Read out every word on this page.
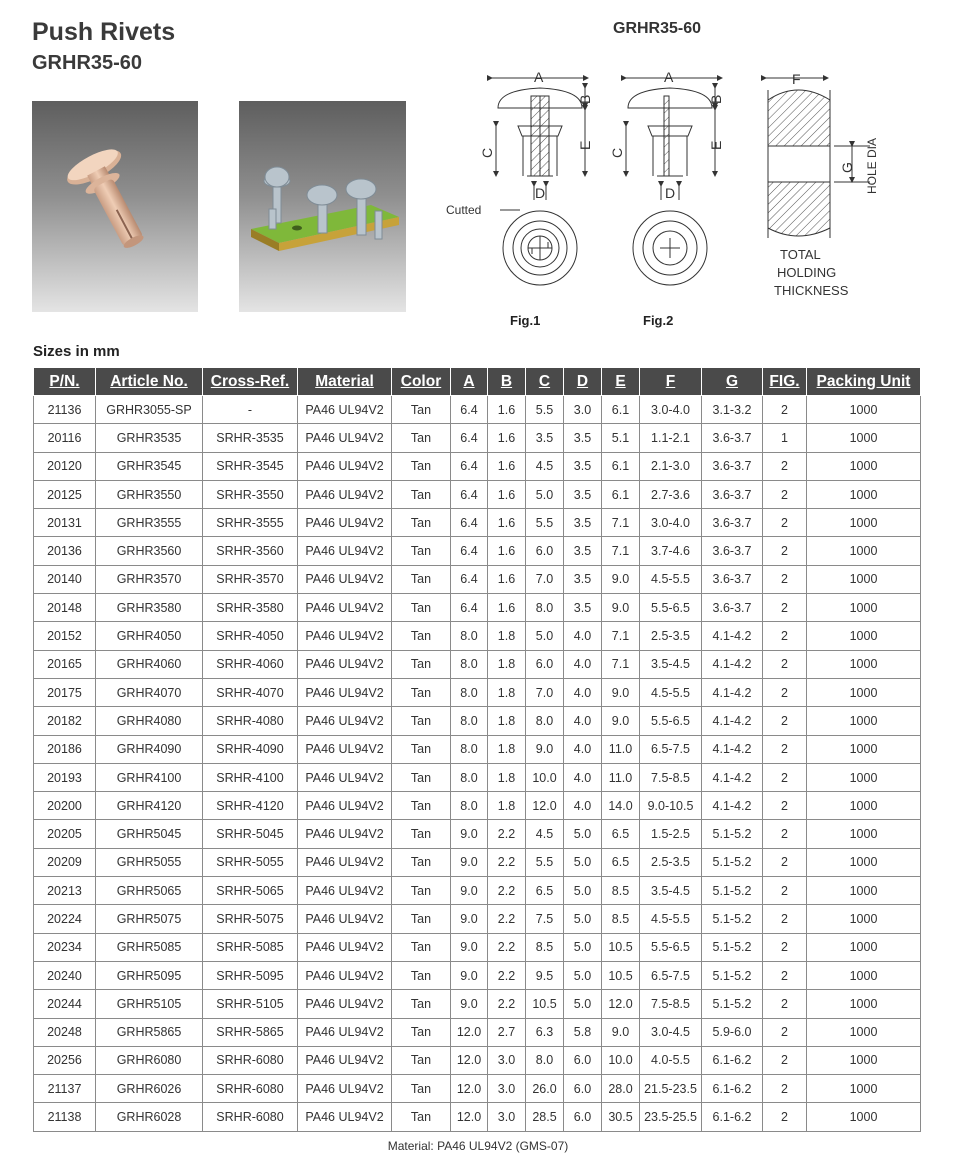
Push Rivets
GRHR35-60
GRHR35-60
A
B
E
C
D
Cutted
Fig.1
A
B
E
C
D
Fig.2
F
G HOLE DIA
TOTAL
HOLDING
THICKNESS
Sizes in mm
P/N.	Article No.	Cross-Ref.	Material	Color	A	B	C	D	E	F	G	FIG.	Packing Unit
21136	GRHR3055-SP	-	PA46 UL94V2	Tan	6.4	1.6	5.5	3.0	6.1	3.0-4.0	3.1-3.2	2	1000
20116	GRHR3535	SRHR-3535	PA46 UL94V2	Tan	6.4	1.6	3.5	3.5	5.1	1.1-2.1	3.6-3.7	1	1000
20120	GRHR3545	SRHR-3545	PA46 UL94V2	Tan	6.4	1.6	4.5	3.5	6.1	2.1-3.0	3.6-3.7	2	1000
20125	GRHR3550	SRHR-3550	PA46 UL94V2	Tan	6.4	1.6	5.0	3.5	6.1	2.7-3.6	3.6-3.7	2	1000
20131	GRHR3555	SRHR-3555	PA46 UL94V2	Tan	6.4	1.6	5.5	3.5	7.1	3.0-4.0	3.6-3.7	2	1000
20136	GRHR3560	SRHR-3560	PA46 UL94V2	Tan	6.4	1.6	6.0	3.5	7.1	3.7-4.6	3.6-3.7	2	1000
20140	GRHR3570	SRHR-3570	PA46 UL94V2	Tan	6.4	1.6	7.0	3.5	9.0	4.5-5.5	3.6-3.7	2	1000
20148	GRHR3580	SRHR-3580	PA46 UL94V2	Tan	6.4	1.6	8.0	3.5	9.0	5.5-6.5	3.6-3.7	2	1000
20152	GRHR4050	SRHR-4050	PA46 UL94V2	Tan	8.0	1.8	5.0	4.0	7.1	2.5-3.5	4.1-4.2	2	1000
20165	GRHR4060	SRHR-4060	PA46 UL94V2	Tan	8.0	1.8	6.0	4.0	7.1	3.5-4.5	4.1-4.2	2	1000
20175	GRHR4070	SRHR-4070	PA46 UL94V2	Tan	8.0	1.8	7.0	4.0	9.0	4.5-5.5	4.1-4.2	2	1000
20182	GRHR4080	SRHR-4080	PA46 UL94V2	Tan	8.0	1.8	8.0	4.0	9.0	5.5-6.5	4.1-4.2	2	1000
20186	GRHR4090	SRHR-4090	PA46 UL94V2	Tan	8.0	1.8	9.0	4.0	11.0	6.5-7.5	4.1-4.2	2	1000
20193	GRHR4100	SRHR-4100	PA46 UL94V2	Tan	8.0	1.8	10.0	4.0	11.0	7.5-8.5	4.1-4.2	2	1000
20200	GRHR4120	SRHR-4120	PA46 UL94V2	Tan	8.0	1.8	12.0	4.0	14.0	9.0-10.5	4.1-4.2	2	1000
20205	GRHR5045	SRHR-5045	PA46 UL94V2	Tan	9.0	2.2	4.5	5.0	6.5	1.5-2.5	5.1-5.2	2	1000
20209	GRHR5055	SRHR-5055	PA46 UL94V2	Tan	9.0	2.2	5.5	5.0	6.5	2.5-3.5	5.1-5.2	2	1000
20213	GRHR5065	SRHR-5065	PA46 UL94V2	Tan	9.0	2.2	6.5	5.0	8.5	3.5-4.5	5.1-5.2	2	1000
20224	GRHR5075	SRHR-5075	PA46 UL94V2	Tan	9.0	2.2	7.5	5.0	8.5	4.5-5.5	5.1-5.2	2	1000
20234	GRHR5085	SRHR-5085	PA46 UL94V2	Tan	9.0	2.2	8.5	5.0	10.5	5.5-6.5	5.1-5.2	2	1000
20240	GRHR5095	SRHR-5095	PA46 UL94V2	Tan	9.0	2.2	9.5	5.0	10.5	6.5-7.5	5.1-5.2	2	1000
20244	GRHR5105	SRHR-5105	PA46 UL94V2	Tan	9.0	2.2	10.5	5.0	12.0	7.5-8.5	5.1-5.2	2	1000
20248	GRHR5865	SRHR-5865	PA46 UL94V2	Tan	12.0	2.7	6.3	5.8	9.0	3.0-4.5	5.9-6.0	2	1000
20256	GRHR6080	SRHR-6080	PA46 UL94V2	Tan	12.0	3.0	8.0	6.0	10.0	4.0-5.5	6.1-6.2	2	1000
21137	GRHR6026	SRHR-6080	PA46 UL94V2	Tan	12.0	3.0	26.0	6.0	28.0	21.5-23.5	6.1-6.2	2	1000
21138	GRHR6028	SRHR-6080	PA46 UL94V2	Tan	12.0	3.0	28.5	6.0	30.5	23.5-25.5	6.1-6.2	2	1000
Material: PA46 UL94V2 (GMS-07)
